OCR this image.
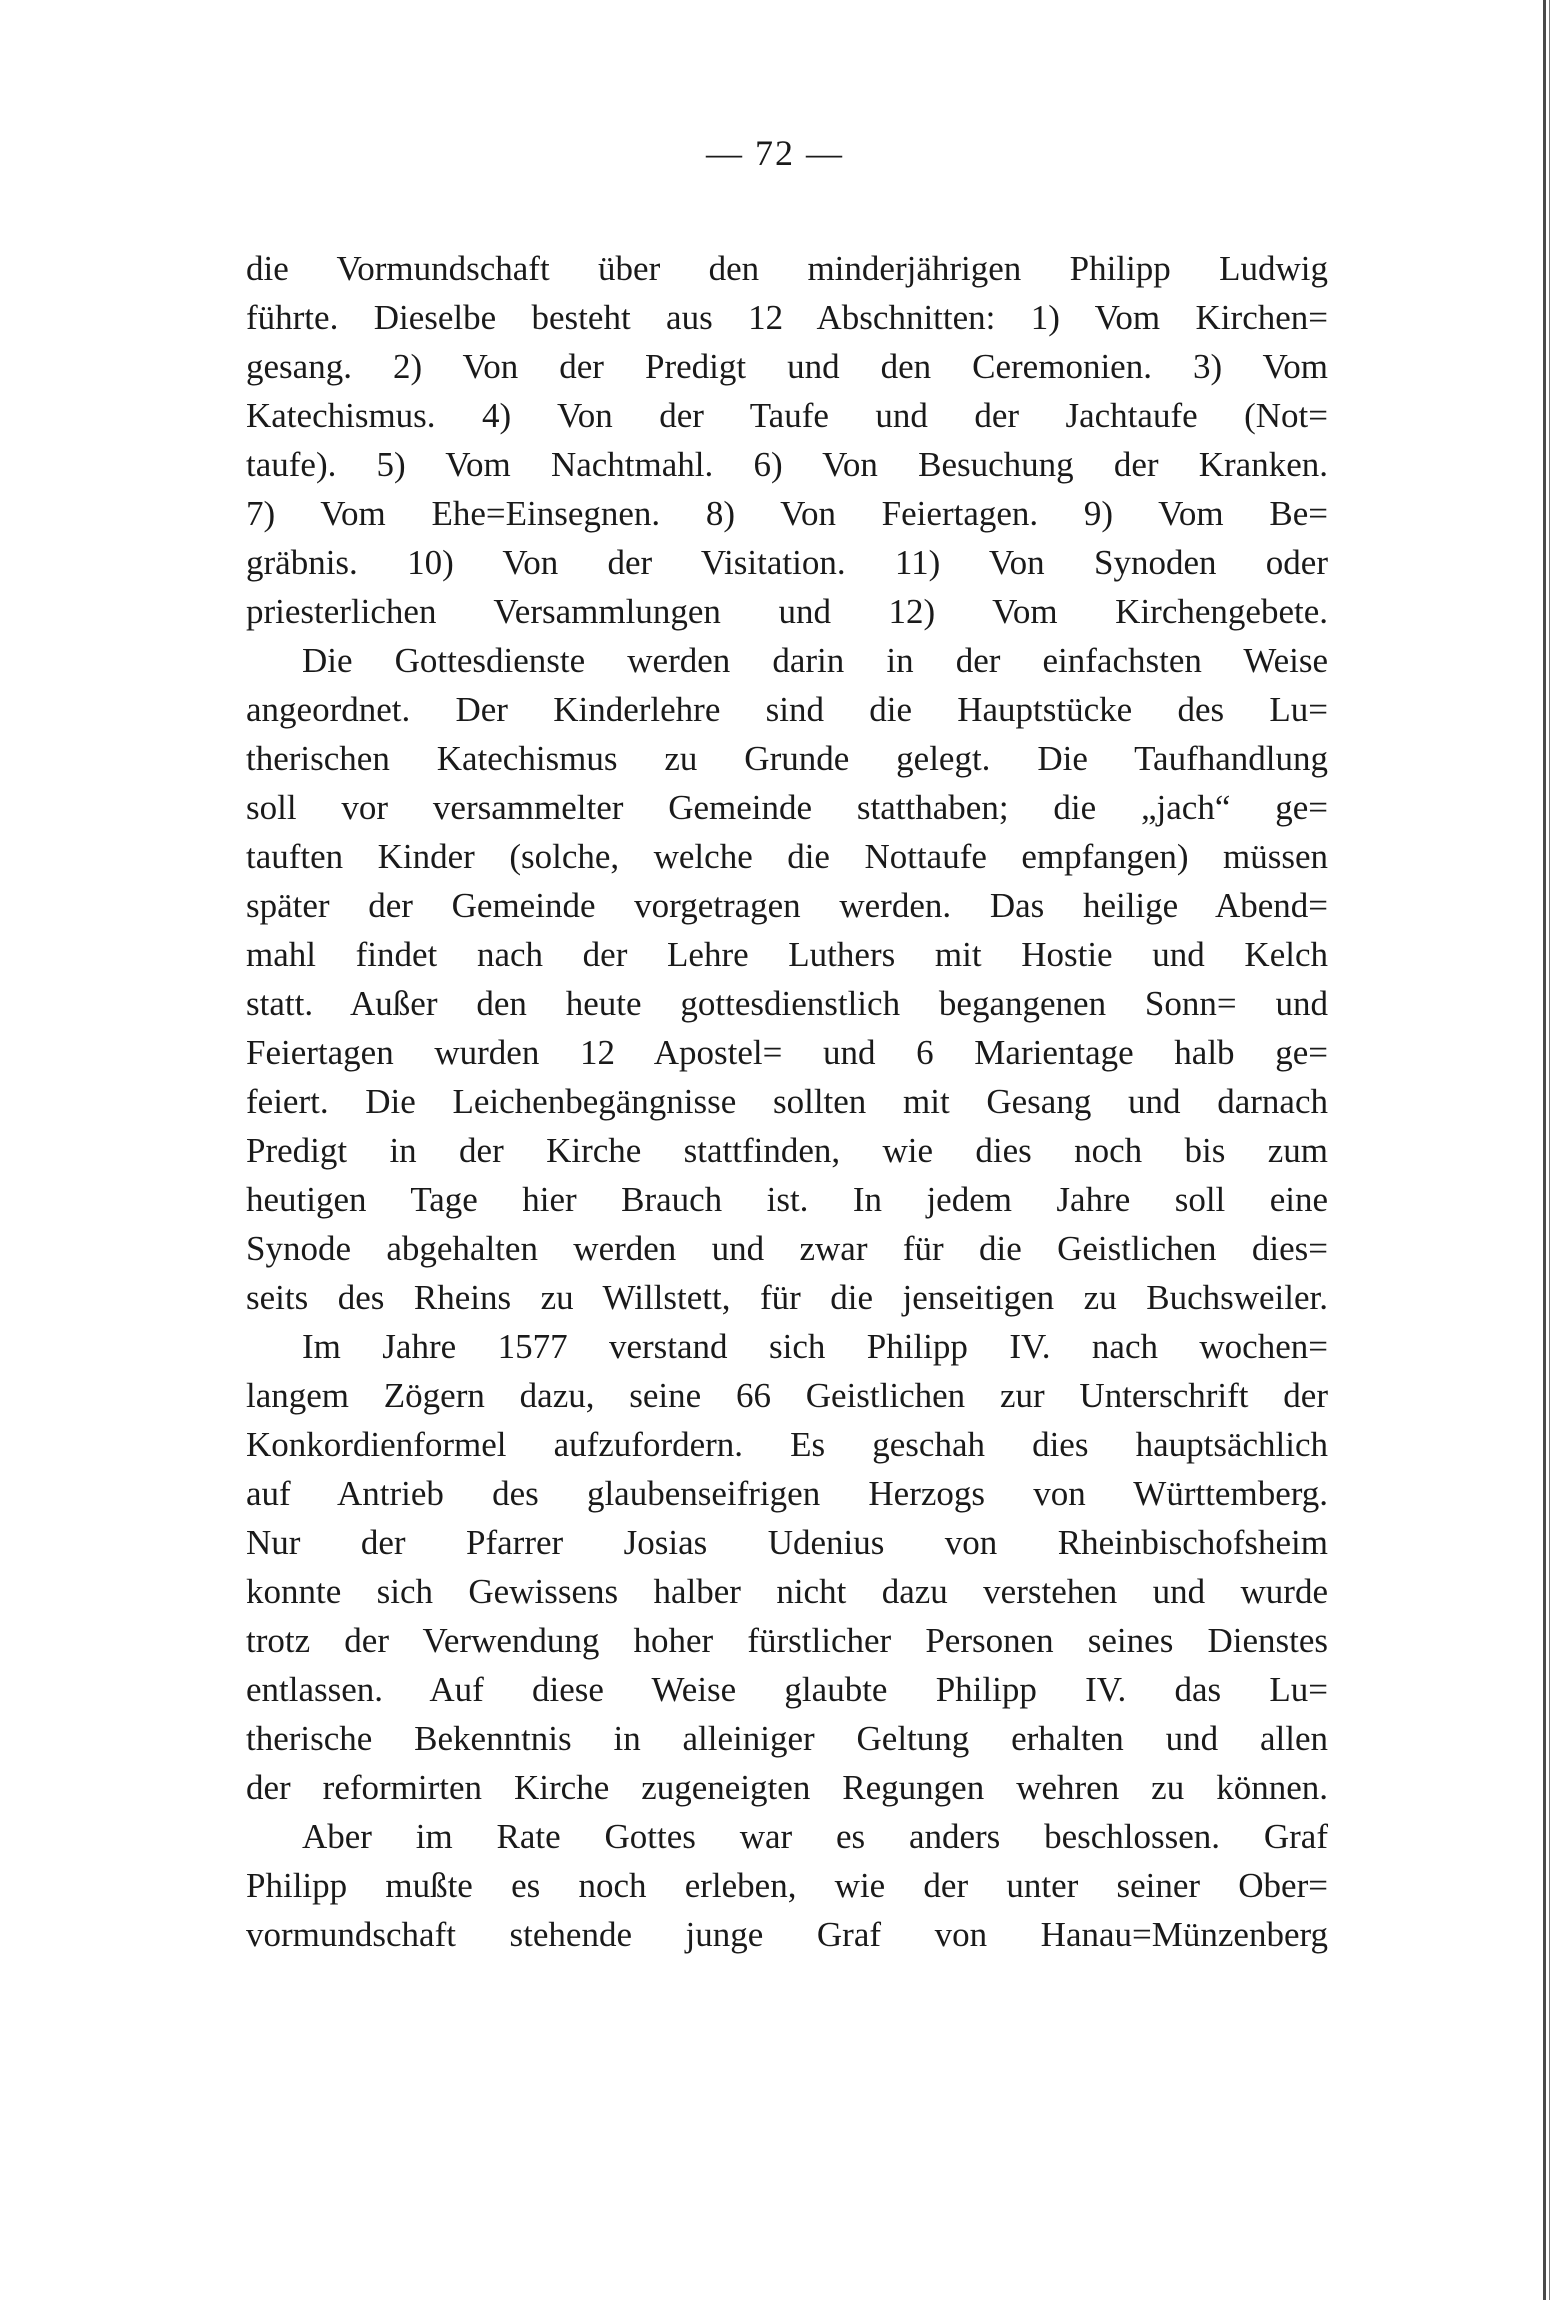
— 72 —
die Vormundschaft über den minderjährigen Philipp Ludwig
führte. Dieselbe besteht aus 12 Abschnitten: 1) Vom Kirchen=
gesang. 2) Von der Predigt und den Ceremonien. 3) Vom
Katechismus. 4) Von der Taufe und der Jachtaufe (Not=
taufe). 5) Vom Nachtmahl. 6) Von Besuchung der Kranken.
7) Vom Ehe=Einsegnen. 8) Von Feiertagen. 9) Vom Be=
gräbnis. 10) Von der Visitation. 11) Von Synoden oder
priesterlichen Versammlungen und 12) Vom Kirchengebete.
Die Gottesdienste werden darin in der einfachsten Weise
angeordnet. Der Kinderlehre sind die Hauptstücke des Lu=
therischen Katechismus zu Grunde gelegt. Die Taufhandlung
soll vor versammelter Gemeinde statthaben; die „jach“ ge=
tauften Kinder (solche, welche die Nottaufe empfangen) müssen
später der Gemeinde vorgetragen werden. Das heilige Abend=
mahl findet nach der Lehre Luthers mit Hostie und Kelch
statt. Außer den heute gottesdienstlich begangenen Sonn= und
Feiertagen wurden 12 Apostel= und 6 Marientage halb ge=
feiert. Die Leichenbegängnisse sollten mit Gesang und darnach
Predigt in der Kirche stattfinden, wie dies noch bis zum
heutigen Tage hier Brauch ist. In jedem Jahre soll eine
Synode abgehalten werden und zwar für die Geistlichen dies=
seits des Rheins zu Willstett, für die jenseitigen zu Buchsweiler.
Im Jahre 1577 verstand sich Philipp IV. nach wochen=
langem Zögern dazu, seine 66 Geistlichen zur Unterschrift der
Konkordienformel aufzufordern. Es geschah dies hauptsächlich
auf Antrieb des glaubenseifrigen Herzogs von Württemberg.
Nur der Pfarrer Josias Udenius von Rheinbischofsheim
konnte sich Gewissens halber nicht dazu verstehen und wurde
trotz der Verwendung hoher fürstlicher Personen seines Dienstes
entlassen. Auf diese Weise glaubte Philipp IV. das Lu=
therische Bekenntnis in alleiniger Geltung erhalten und allen
der reformirten Kirche zugeneigten Regungen wehren zu können.
Aber im Rate Gottes war es anders beschlossen. Graf
Philipp mußte es noch erleben, wie der unter seiner Ober=
vormundschaft stehende junge Graf von Hanau=Münzenberg
